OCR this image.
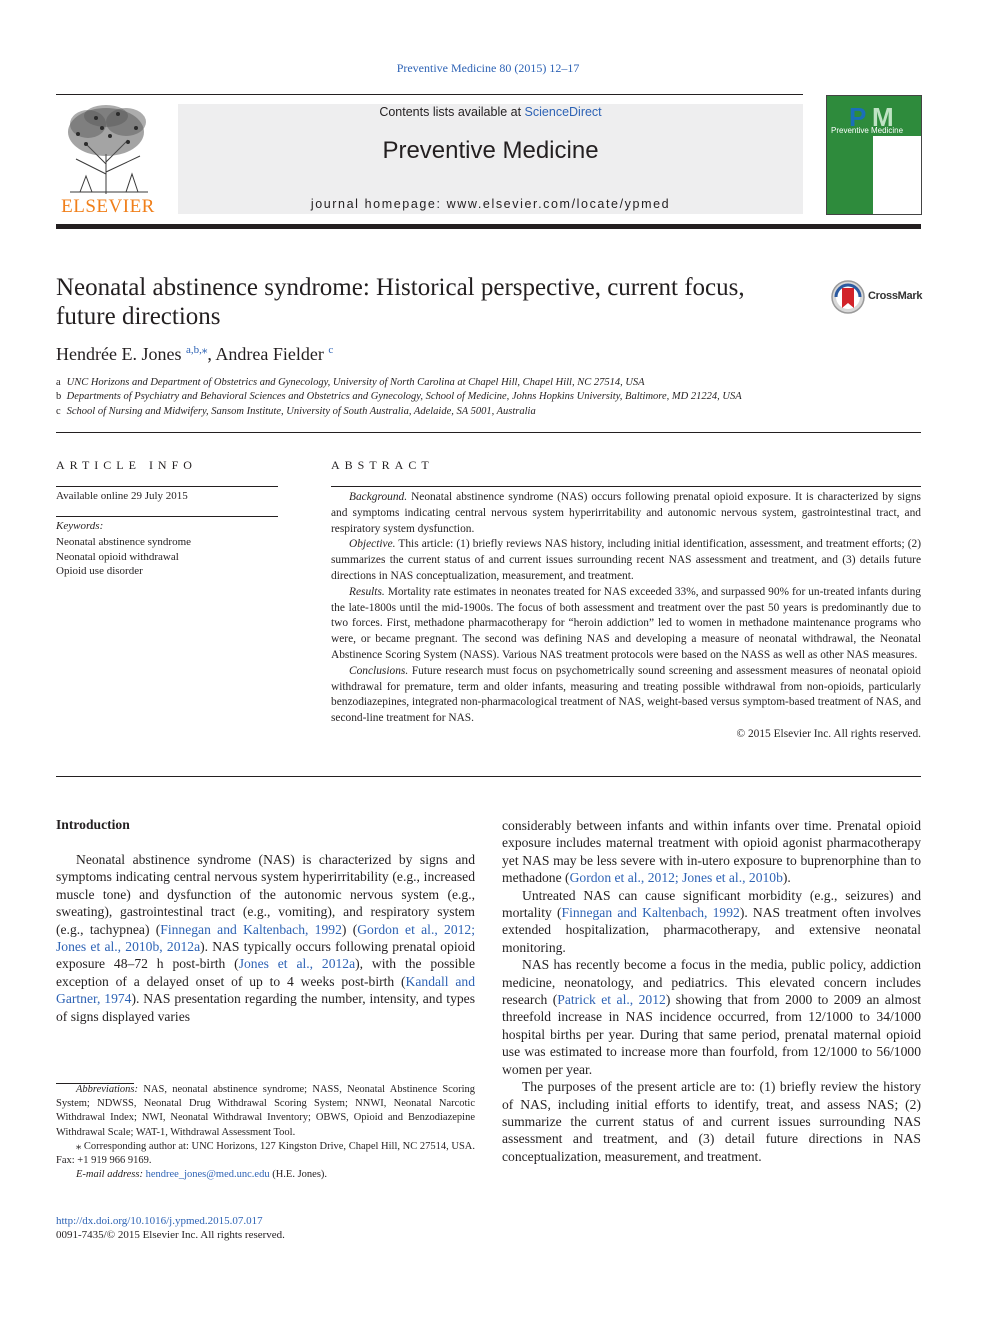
Preventive Medicine 80 (2015) 12–17
ELSEVIER
Contents lists available at ScienceDirect
Preventive Medicine
journal homepage: www.elsevier.com/locate/ypmed
P M
Preventive Medicine
Neonatal abstinence syndrome: Historical perspective, current focus, future directions
CrossMark
Hendrée E. Jones $^{a,b,⁎}$, Andrea Fielder $^c$
a UNC Horizons and Department of Obstetrics and Gynecology, University of North Carolina at Chapel Hill, Chapel Hill, NC 27514, USA
b Departments of Psychiatry and Behavioral Sciences and Obstetrics and Gynecology, School of Medicine, Johns Hopkins University, Baltimore, MD 21224, USA
c School of Nursing and Midwifery, Sansom Institute, University of South Australia, Adelaide, SA 5001, Australia
ARTICLE INFO
Available online 29 July 2015
Keywords:
Neonatal abstinence syndrome
Neonatal opioid withdrawal
Opioid use disorder
ABSTRACT

Background. Neonatal abstinence syndrome (NAS) occurs following prenatal opioid exposure. It is characterized by signs and symptoms indicating central nervous system hyperirritability and autonomic nervous system, gastrointestinal tract, and respiratory system dysfunction.

Objective. This article: (1) briefly reviews NAS history, including initial identification, assessment, and treatment efforts; (2) summarizes the current status of and current issues surrounding recent NAS assessment and treatment, and (3) details future directions in NAS conceptualization, measurement, and treatment.

Results. Mortality rate estimates in neonates treated for NAS exceeded 33%, and surpassed 90% for un-treated infants during the late-1800s until the mid-1900s. The focus of both assessment and treatment over the past 50 years is predominantly due to two forces. First, methadone pharmacotherapy for “heroin addiction” led to women in methadone maintenance programs who were, or became pregnant. The second was defining NAS and developing a measure of neonatal withdrawal, the Neonatal Abstinence Scoring System (NASS). Various NAS treatment protocols were based on the NASS as well as other NAS measures.

Conclusions. Future research must focus on psychometrically sound screening and assessment measures of neonatal opioid withdrawal for premature, term and older infants, measuring and treating possible withdrawal from non-opioids, particularly benzodiazepines, integrated non-pharmacological treatment of NAS, weight-based versus symptom-based treatment of NAS, and second-line treatment for NAS.

© 2015 Elsevier Inc. All rights reserved.

Introduction

Neonatal abstinence syndrome (NAS) is characterized by signs and symptoms indicating central nervous system hyperirritability (e.g., increased muscle tone) and dysfunction of the autonomic nervous system (e.g., sweating), gastrointestinal tract (e.g., vomiting), and respiratory system (e.g., tachypnea) (Finnegan and Kaltenbach, 1992) (Gordon et al., 2012; Jones et al., 2010b, 2012a). NAS typically occurs following prenatal opioid exposure 48–72 h post-birth (Jones et al., 2012a), with the possible exception of a delayed onset of up to 4 weeks post-birth (Kandall and Gartner, 1974). NAS presentation regarding the number, intensity, and types of signs displayed varies

considerably between infants and within infants over time. Prenatal opioid exposure includes maternal treatment with opioid agonist pharmacotherapy yet NAS may be less severe with in-utero exposure to buprenorphine than to methadone (Gordon et al., 2012; Jones et al., 2010b).

Untreated NAS can cause significant morbidity (e.g., seizures) and mortality (Finnegan and Kaltenbach, 1992). NAS treatment often involves extended hospitalization, pharmacotherapy, and extensive neonatal monitoring.

NAS has recently become a focus in the media, public policy, addiction medicine, neonatology, and pediatrics. This elevated concern includes research (Patrick et al., 2012) showing that from 2000 to 2009 an almost threefold increase in NAS incidence occurred, from 12/1000 to 34/1000 hospital births per year. During that same period, prenatal maternal opioid use was estimated to increase more than fourfold, from 12/1000 to 56/1000 women per year.

The purposes of the present article are to: (1) briefly review the history of NAS, including initial efforts to identify, treat, and assess NAS; (2) summarize the current status of and current issues surrounding NAS assessment and treatment, and (3) detail future directions in NAS conceptualization, measurement, and treatment.

Abbreviations: NAS, neonatal abstinence syndrome; NASS, Neonatal Abstinence Scoring System; NDWSS, Neonatal Drug Withdrawal Scoring System; NNWI, Neonatal Narcotic Withdrawal Index; NWI, Neonatal Withdrawal Inventory; OBWS, Opioid and Benzodiazepine Withdrawal Scale; WAT-1, Withdrawal Assessment Tool.

⁎ Corresponding author at: UNC Horizons, 127 Kingston Drive, Chapel Hill, NC 27514, USA. Fax: +1 919 966 9169.

E-mail address: hendree_jones@med.unc.edu (H.E. Jones).

http://dx.doi.org/10.1016/j.ypmed.2015.07.017
0091-7435/© 2015 Elsevier Inc. All rights reserved.
